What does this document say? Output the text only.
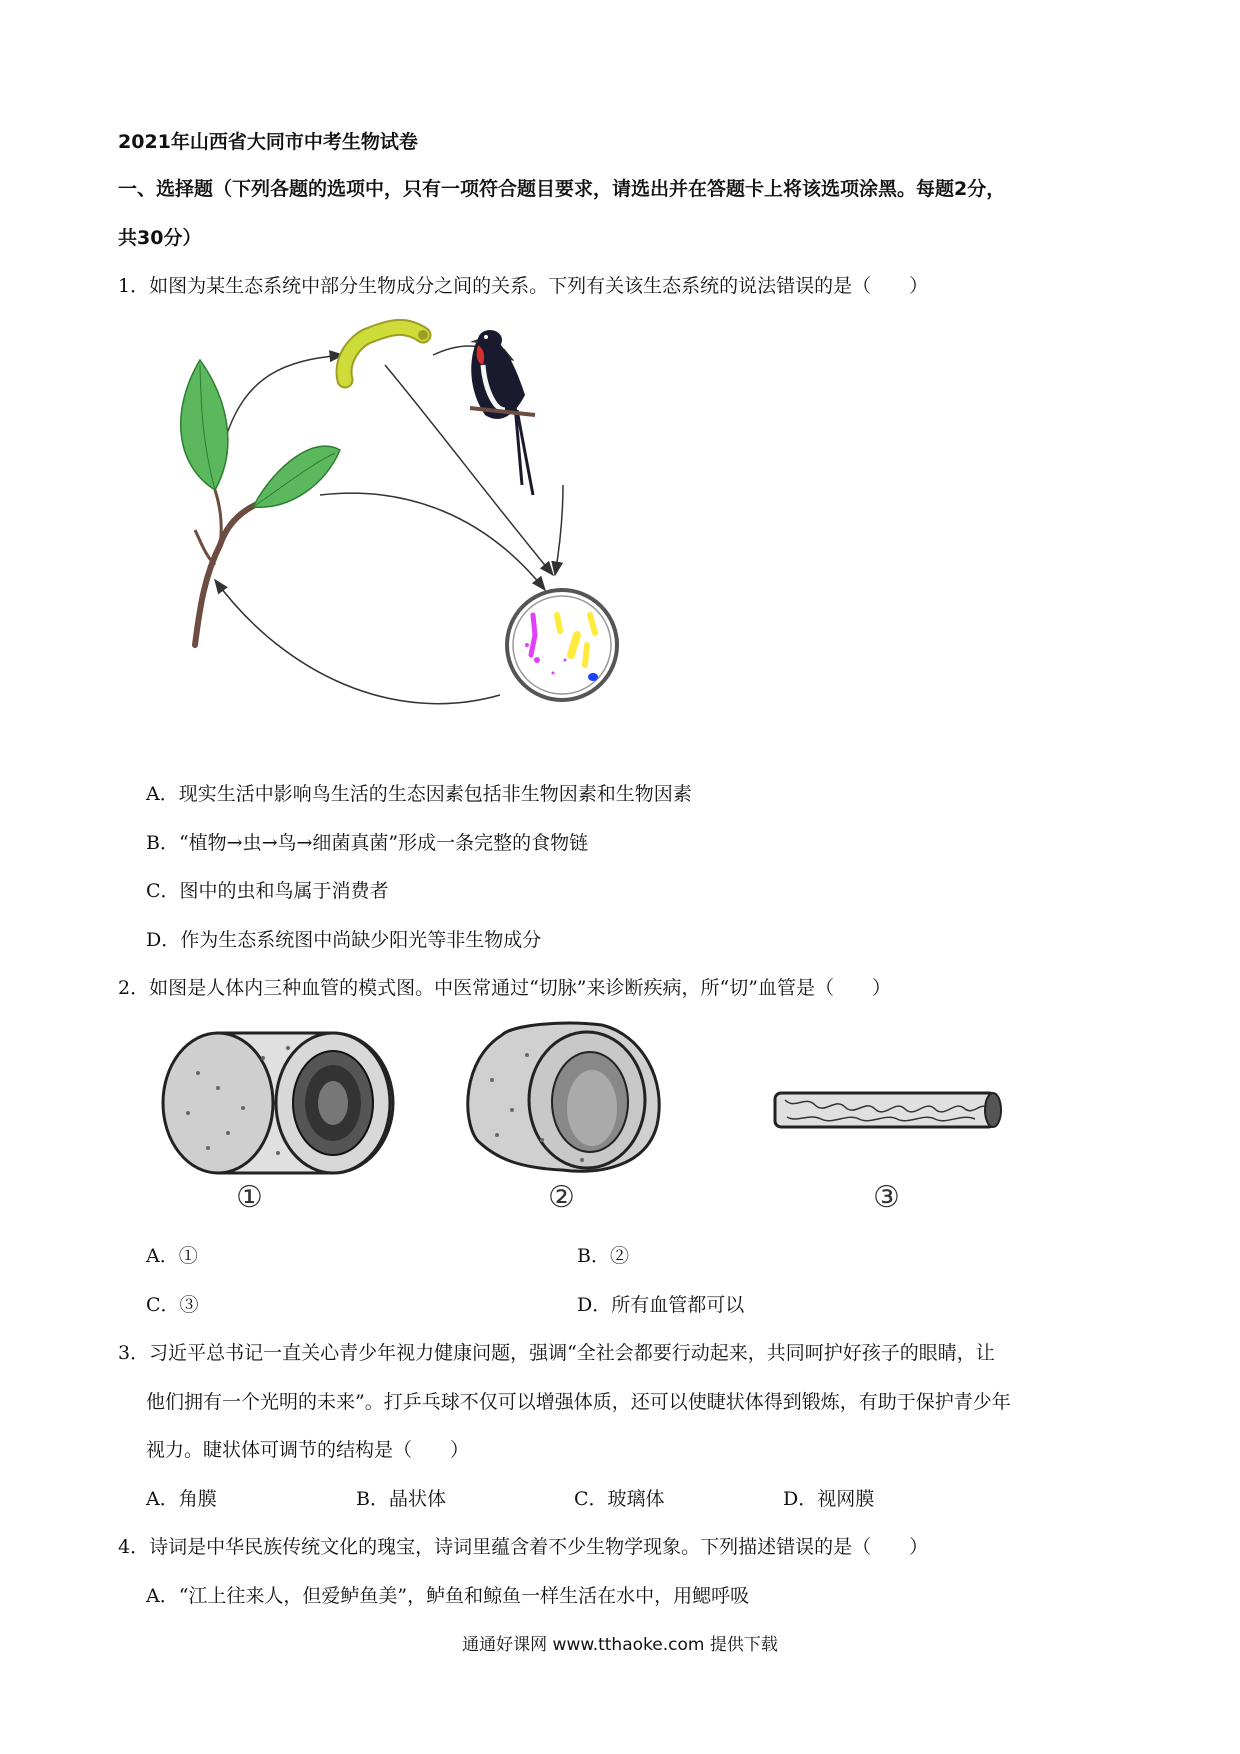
2021年山西省大同市中考生物试卷
一、选择题（下列各题的选项中，只有一项符合题目要求，请选出并在答题卡上将该选项涂黑。每题2分，
共30分）
1．如图为某生态系统中部分生物成分之间的关系。下列有关该生态系统的说法错误的是（　　）
A．现实生活中影响鸟生活的生态因素包括非生物因素和生物因素
B．“植物→虫→鸟→细菌真菌”形成一条完整的食物链
C．图中的虫和鸟属于消费者
D．作为生态系统图中尚缺少阳光等非生物成分
2．如图是人体内三种血管的模式图。中医常通过“切脉”来诊断疾病，所“切”血管是（　　）
①	②	③
A．①	B．②
C．③	D．所有血管都可以
3．习近平总书记一直关心青少年视力健康问题，强调“全社会都要行动起来，共同呵护好孩子的眼睛，让
他们拥有一个光明的未来”。打乒乓球不仅可以增强体质，还可以使睫状体得到锻炼，有助于保护青少年
视力。睫状体可调节的结构是（　　）
A．角膜	B．晶状体	C．玻璃体	D．视网膜
4．诗词是中华民族传统文化的瑰宝，诗词里蕴含着不少生物学现象。下列描述错误的是（　　）
A．“江上往来人，但爱鲈鱼美”，鲈鱼和鲸鱼一样生活在水中，用鳃呼吸
通通好课网 www.tthaoke.com 提供下载
